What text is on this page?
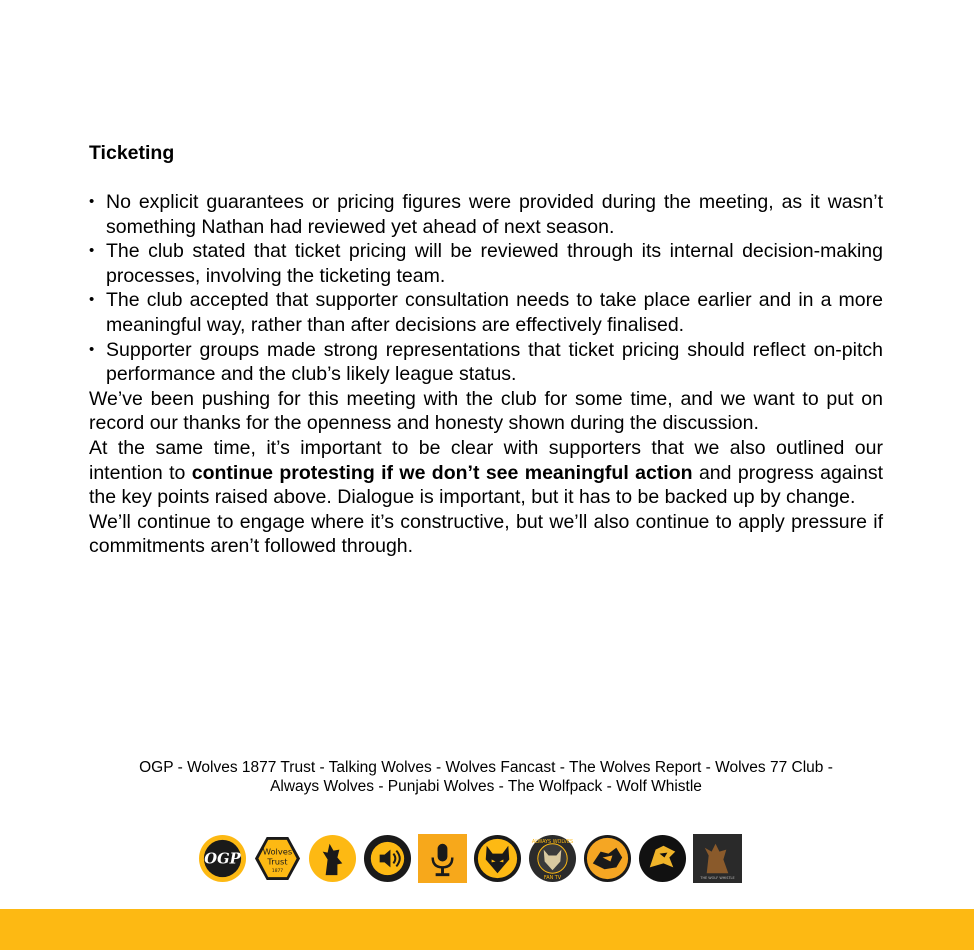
Ticketing
• No explicit guarantees or pricing figures were provided during the meeting, as it wasn’t something Nathan had reviewed yet ahead of next season.
• The club stated that ticket pricing will be reviewed through its internal decision-making processes, involving the ticketing team.
• The club accepted that supporter consultation needs to take place earlier and in a more meaningful way, rather than after decisions are effectively finalised.
• Supporter groups made strong representations that ticket pricing should reflect on-pitch performance and the club’s likely league status.

We’ve been pushing for this meeting with the club for some time, and we want to put on record our thanks for the openness and honesty shown during the discussion.

At the same time, it’s important to be clear with supporters that we also outlined our intention to continue protesting if we don’t see meaningful action and progress against the key points raised above. Dialogue is important, but it has to be backed up by change.

We’ll continue to engage where it’s constructive, but we’ll also continue to apply pressure if commitments aren’t followed through.

OGP - Wolves 1877 Trust - Talking Wolves - Wolves Fancast - The Wolves Report - Wolves 77 Club -
Always Wolves - Punjabi Wolves - The Wolfpack - Wolf Whistle
OGP	Wolves
Trust
1877
ALWAYS WOLVES
FAN TV	THE WOLF WHISTLE
